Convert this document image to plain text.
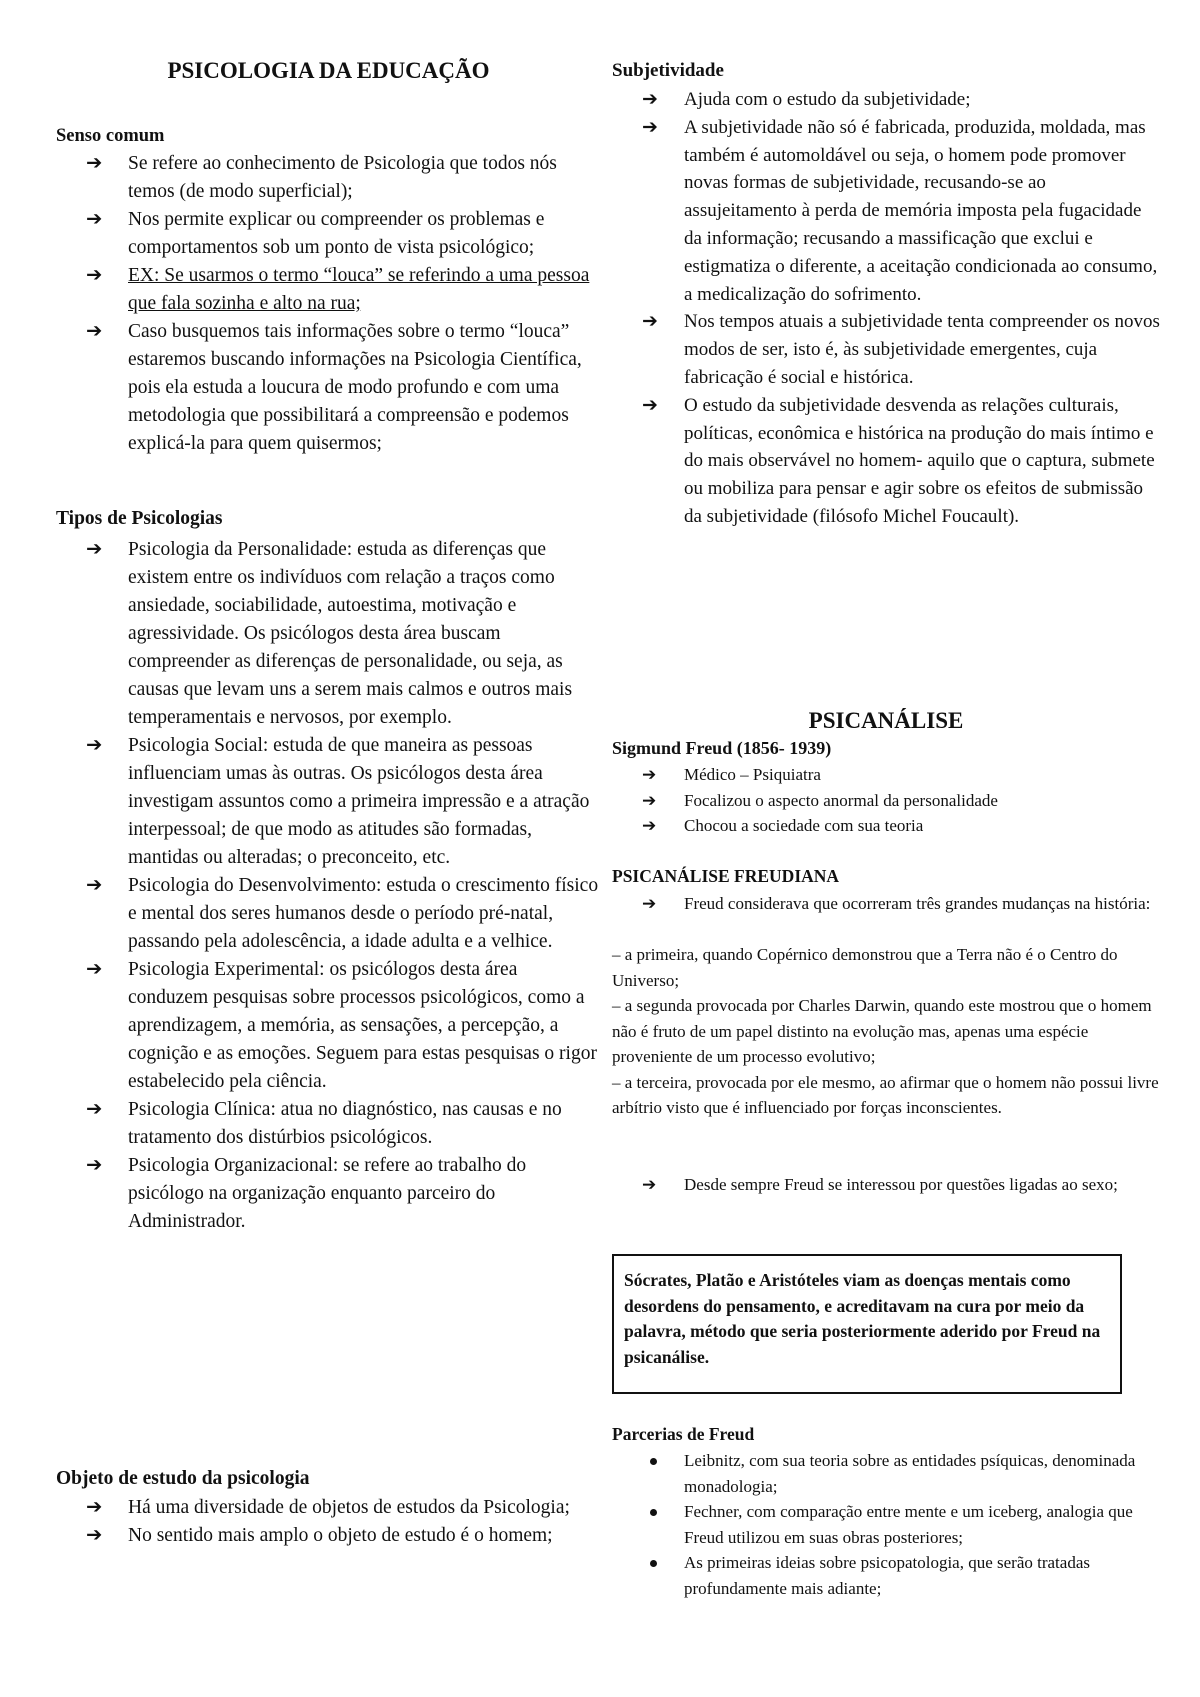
PSICOLOGIA DA EDUCAÇÃO
Senso comum
➔ Se refere ao conhecimento de Psicologia que todos nós temos (de modo superficial);
➔ Nos permite explicar ou compreender os problemas e comportamentos sob um ponto de vista psicológico;
➔ EX: Se usarmos o termo “louca” se referindo a uma pessoa que fala sozinha e alto na rua;
➔ Caso busquemos tais informações sobre o termo “louca” estaremos buscando informações na Psicologia Científica, pois ela estuda a loucura de modo profundo e com uma metodologia que possibilitará a compreensão e podemos explicá-la para quem quisermos;
Tipos de Psicologias
➔ Psicologia da Personalidade: estuda as diferenças que existem entre os indivíduos com relação a traços como ansiedade, sociabilidade, autoestima, motivação e agressividade. Os psicólogos desta área buscam compreender as diferenças de personalidade, ou seja, as causas que levam uns a serem mais calmos e outros mais temperamentais e nervosos, por exemplo.
➔ Psicologia Social: estuda de que maneira as pessoas influenciam umas às outras. Os psicólogos desta área investigam assuntos como a primeira impressão e a atração interpessoal; de que modo as atitudes são formadas, mantidas ou alteradas; o preconceito, etc.
➔ Psicologia do Desenvolvimento: estuda o crescimento físico e mental dos seres humanos desde o período pré-natal, passando pela adolescência, a idade adulta e a velhice.
➔ Psicologia Experimental: os psicólogos desta área conduzem pesquisas sobre processos psicológicos, como a aprendizagem, a memória, as sensações, a percepção, a cognição e as emoções. Seguem para estas pesquisas o rigor estabelecido pela ciência.
➔ Psicologia Clínica: atua no diagnóstico, nas causas e no tratamento dos distúrbios psicológicos.
➔ Psicologia Organizacional: se refere ao trabalho do psicólogo na organização enquanto parceiro do Administrador.
Objeto de estudo da psicologia
➔ Há uma diversidade de objetos de estudos da Psicologia;
➔ No sentido mais amplo o objeto de estudo é o homem;
Subjetividade
➔ Ajuda com o estudo da subjetividade;
➔ A subjetividade não só é fabricada, produzida, moldada, mas também é automoldável ou seja, o homem pode promover novas formas de subjetividade, recusando-se ao assujeitamento à perda de memória imposta pela fugacidade da informação; recusando a massificação que exclui e estigmatiza o diferente, a aceitação condicionada ao consumo, a medicalização do sofrimento.
➔ Nos tempos atuais a subjetividade tenta compreender os novos modos de ser, isto é, às subjetividade emergentes, cuja fabricação é social e histórica.
➔ O estudo da subjetividade desvenda as relações culturais, políticas, econômica e histórica na produção do mais íntimo e do mais observável no homem- aquilo que o captura, submete ou mobiliza para pensar e agir sobre os efeitos de submissão da subjetividade (filósofo Michel Foucault).
PSICANÁLISE
Sigmund Freud (1856- 1939)
➔ Médico – Psiquiatra
➔ Focalizou o aspecto anormal da personalidade
➔ Chocou a sociedade com sua teoria
PSICANÁLISE FREUDIANA
➔ Freud considerava que ocorreram três grandes mudanças na história:
– a primeira, quando Copérnico demonstrou que a Terra não é o Centro do Universo;
– a segunda provocada por Charles Darwin, quando este mostrou que o homem não é fruto de um papel distinto na evolução mas, apenas uma espécie proveniente de um processo evolutivo;
– a terceira, provocada por ele mesmo, ao afirmar que o homem não possui livre arbítrio visto que é influenciado por forças inconscientes.
➔ Desde sempre Freud se interessou por questões ligadas ao sexo;
Sócrates, Platão e Aristóteles viam as doenças mentais como desordens do pensamento, e acreditavam na cura por meio da palavra, método que seria posteriormente aderido por Freud na psicanálise.
Parcerias de Freud
Leibnitz, com sua teoria sobre as entidades psíquicas, denominada monadologia;
Fechner, com comparação entre mente e um iceberg, analogia que Freud utilizou em suas obras posteriores;
As primeiras ideias sobre psicopatologia, que serão tratadas profundamente mais adiante;
